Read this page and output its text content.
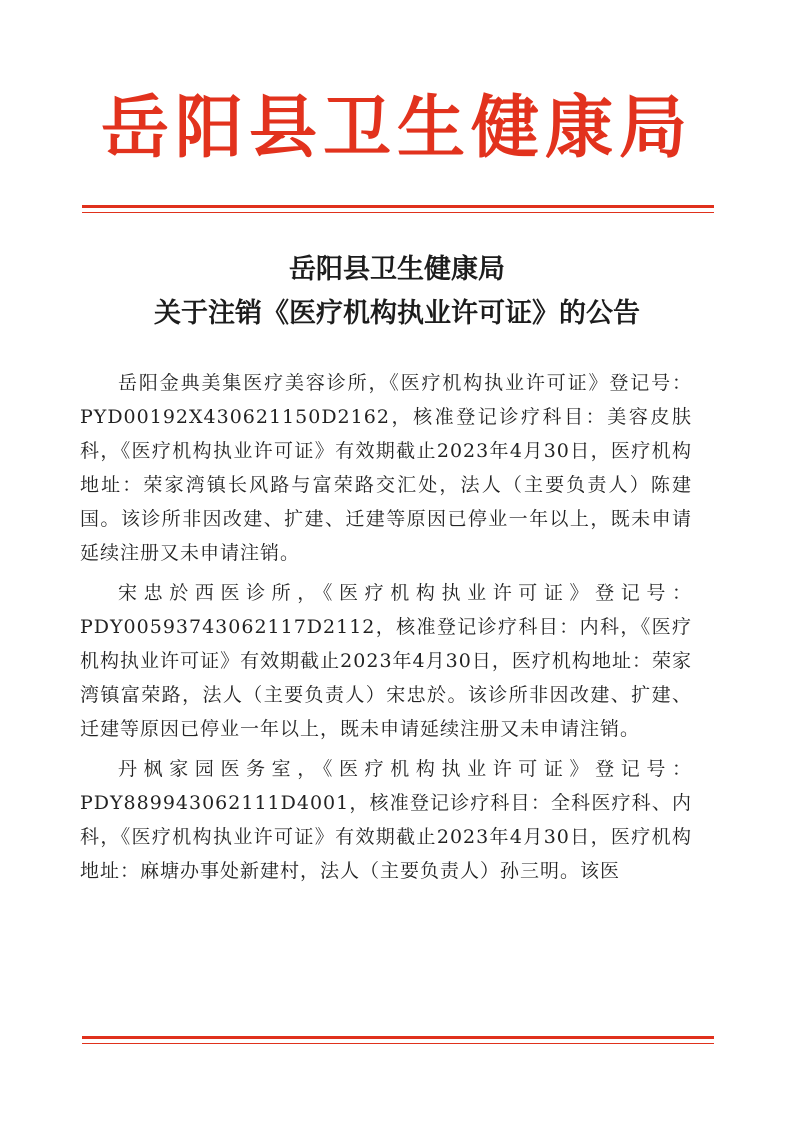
岳阳县卫生健康局
岳阳县卫生健康局
关于注销《医疗机构执业许可证》的公告

岳阳金典美集医疗美容诊所，《医疗机构执业许可证》登记号：PYD00192X430621150D2162，核准登记诊疗科目：美容皮肤科，《医疗机构执业许可证》有效期截止2023年4月30日，医疗机构地址：荣家湾镇长风路与富荣路交汇处，法人（主要负责人）陈建国。该诊所非因改建、扩建、迁建等原因已停业一年以上，既未申请延续注册又未申请注销。

宋忠於西医诊所，《医疗机构执业许可证》登记号：PDY00593743062117D2112，核准登记诊疗科目：内科，《医疗机构执业许可证》有效期截止2023年4月30日，医疗机构地址：荣家湾镇富荣路，法人（主要负责人）宋忠於。该诊所非因改建、扩建、迁建等原因已停业一年以上，既未申请延续注册又未申请注销。

丹枫家园医务室，《医疗机构执业许可证》登记号：PDY889943062111D4001，核准登记诊疗科目：全科医疗科、内科，《医疗机构执业许可证》有效期截止2023年4月30日，医疗机构地址：麻塘办事处新建村，法人（主要负责人）孙三明。该医
